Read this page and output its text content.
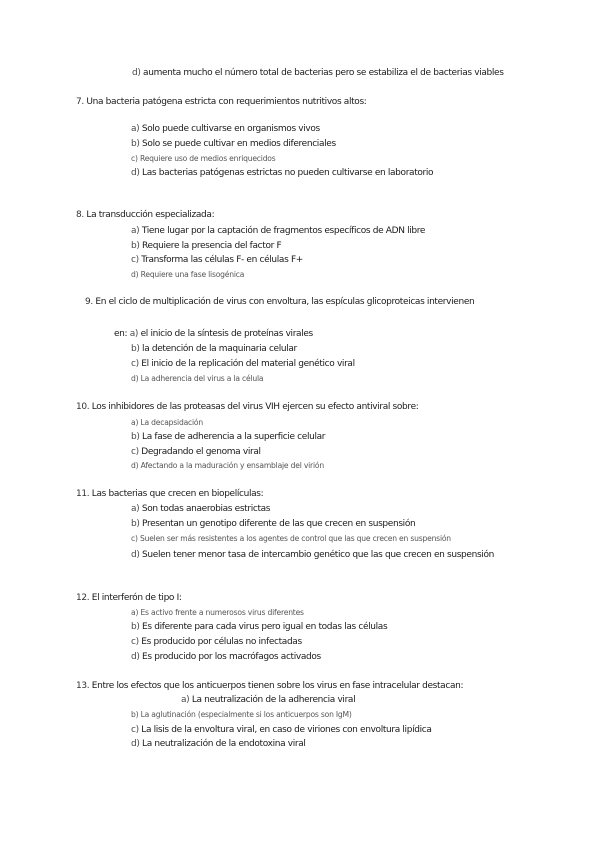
d) aumenta mucho el número total de bacterias pero se estabiliza el de bacterias viables
7. Una bacteria patógena estricta con requerimientos nutritivos altos:
a) Solo puede cultivarse en organismos vivos
b) Solo se puede cultivar en medios diferenciales
c) Requiere uso de medios enriquecidos
d) Las bacterias patógenas estrictas no pueden cultivarse en laboratorio
8. La transducción especializada:
a) Tiene lugar por la captación de fragmentos específicos de ADN libre
b) Requiere la presencia del factor F
c) Transforma las células F- en células F+
d) Requiere una fase lisogénica
9. En el ciclo de multiplicación de virus con envoltura, las espículas glicoproteicas intervienen
en: a) el inicio de la síntesis de proteínas virales
b) la detención de la maquinaria celular
c) El inicio de la replicación del material genético viral
d) La adherencia del virus a la célula
10. Los inhibidores de las proteasas del virus VIH ejercen su efecto antiviral sobre:
a) La decapsidación
b) La fase de adherencia a la superficie celular
c) Degradando el genoma viral
d) Afectando a la maduración y ensamblaje del virión
11. Las bacterias que crecen en biopelículas:
a) Son todas anaerobias estrictas
b) Presentan un genotipo diferente de las que crecen en suspensión
c) Suelen ser más resistentes a los agentes de control que las que crecen en suspensión
d) Suelen tener menor tasa de intercambio genético que las que crecen en suspensión
12. El interferón de tipo I:
a) Es activo frente a numerosos virus diferentes
b) Es diferente para cada virus pero igual en todas las células
c) Es producido por células no infectadas
d) Es producido por los macrófagos activados
13. Entre los efectos que los anticuerpos tienen sobre los virus en fase intracelular destacan:
a) La neutralización de la adherencia viral
b) La aglutinación (especialmente si los anticuerpos son IgM)
c) La lisis de la envoltura viral, en caso de viriones con envoltura lipídica
d) La neutralización de la endotoxina viral
